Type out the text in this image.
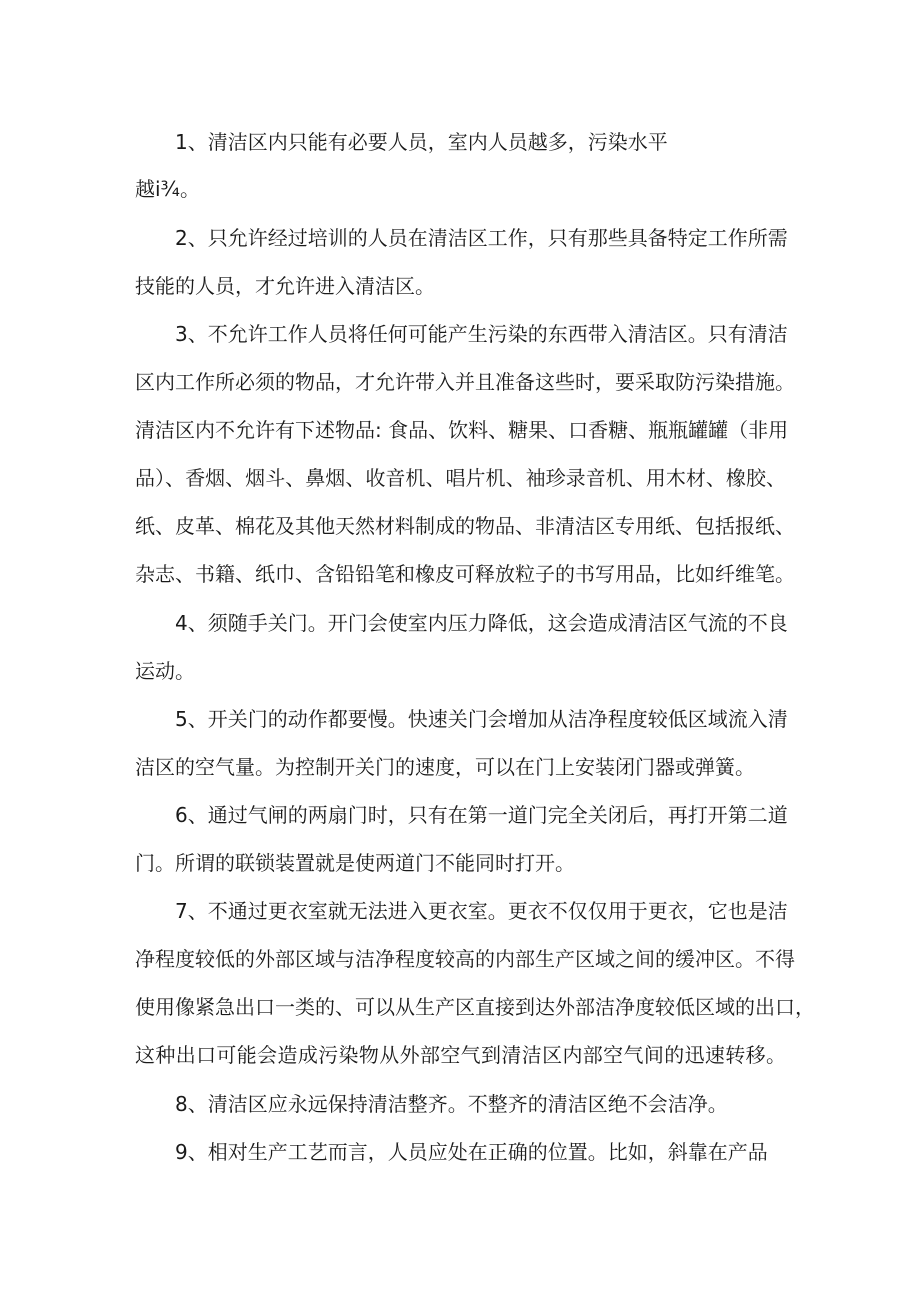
1、清洁区内只能有必要人员，室内人员越多，污染水平
越i¾。
2、只允许经过培训的人员在清洁区工作，只有那些具备特定工作所需
技能的人员，才允许进入清洁区。
3、不允许工作人员将任何可能产生污染的东西带入清洁区。只有清洁
区内工作所必须的物品，才允许带入并且准备这些时，要采取防污染措施。
清洁区内不允许有下述物品: 食品、饮料、糖果、口香糖、瓶瓶罐罐（非用
品）、香烟、烟斗、鼻烟、收音机、唱片机、袖珍录音机、用木材、橡胶、
纸、皮革、棉花及其他天然材料制成的物品、非清洁区专用纸、包括报纸、
杂志、书籍、纸巾、含铅铅笔和橡皮可释放粒子的书写用品，比如纤维笔。
4、须随手关门。开门会使室内压力降低，这会造成清洁区气流的不良
运动。
5、开关门的动作都要慢。快速关门会增加从洁净程度较低区域流入清
洁区的空气量。为控制开关门的速度，可以在门上安装闭门器或弹簧。
6、通过气闸的两扇门时，只有在第一道门完全关闭后，再打开第二道
门。所谓的联锁装置就是使两道门不能同时打开。
7、不通过更衣室就无法进入更衣室。更衣不仅仅用于更衣，它也是洁
净程度较低的外部区域与洁净程度较高的内部生产区域之间的缓冲区。不得
使用像紧急出口一类的、可以从生产区直接到达外部洁净度较低区域的出口，
这种出口可能会造成污染物从外部空气到清洁区内部空气间的迅速转移。
8、清洁区应永远保持清洁整齐。不整齐的清洁区绝不会洁净。
9、相对生产工艺而言，人员应处在正确的位置。比如，斜靠在产品
